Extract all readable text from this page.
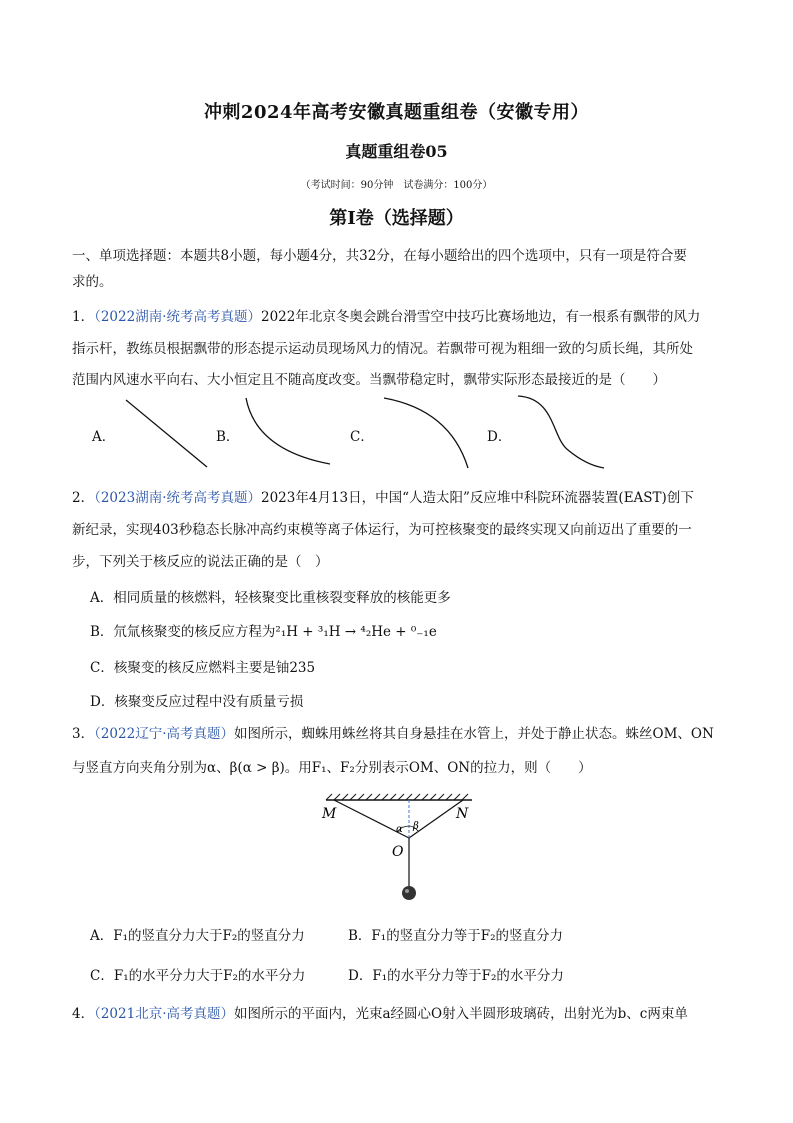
冲刺2024年高考安徽真题重组卷（安徽专用）
真题重组卷05
（考试时间：90分钟　试卷满分：100分）
第Ⅰ卷（选择题）
一、单项选择题：本题共8小题，每小题4分，共32分，在每小题给出的四个选项中，只有一项是符合要
求的。
1．（2022湖南·统考高考真题）2022年北京冬奥会跳台滑雪空中技巧比赛场地边，有一根系有飘带的风力
指示杆，教练员根据飘带的形态提示运动员现场风力的情况。若飘带可视为粗细一致的匀质长绳，其所处
范围内风速水平向右、大小恒定且不随高度改变。当飘带稳定时，飘带实际形态最接近的是（　　）
A．	B．	C．	D．
2．（2023湖南·统考高考真题）2023年4月13日，中国“人造太阳”反应堆中科院环流器装置(EAST)创下
新纪录，实现403秒稳态长脉冲高约束模等离子体运行，为可控核聚变的最终实现又向前迈出了重要的一
步，下列关于核反应的说法正确的是（　）
A．相同质量的核燃料，轻核聚变比重核裂变释放的核能更多
B．氘氚核聚变的核反应方程为²₁H + ³₁H → ⁴₂He + ⁰₋₁e
C．核聚变的核反应燃料主要是铀235
D．核聚变反应过程中没有质量亏损
3．（2022辽宁·高考真题）如图所示，蜘蛛用蛛丝将其自身悬挂在水管上，并处于静止状态。蛛丝OM、ON
与竖直方向夹角分别为α、β(α > β)。用F₁、F₂分别表示OM、ON的拉力，则（　　）
M	N
O
α β
A．F₁的竖直分力大于F₂的竖直分力	B．F₁的竖直分力等于F₂的竖直分力
C．F₁的水平分力大于F₂的水平分力	D．F₁的水平分力等于F₂的水平分力
4．（2021北京·高考真题）如图所示的平面内，光束a经圆心O射入半圆形玻璃砖，出射光为b、c两束单
